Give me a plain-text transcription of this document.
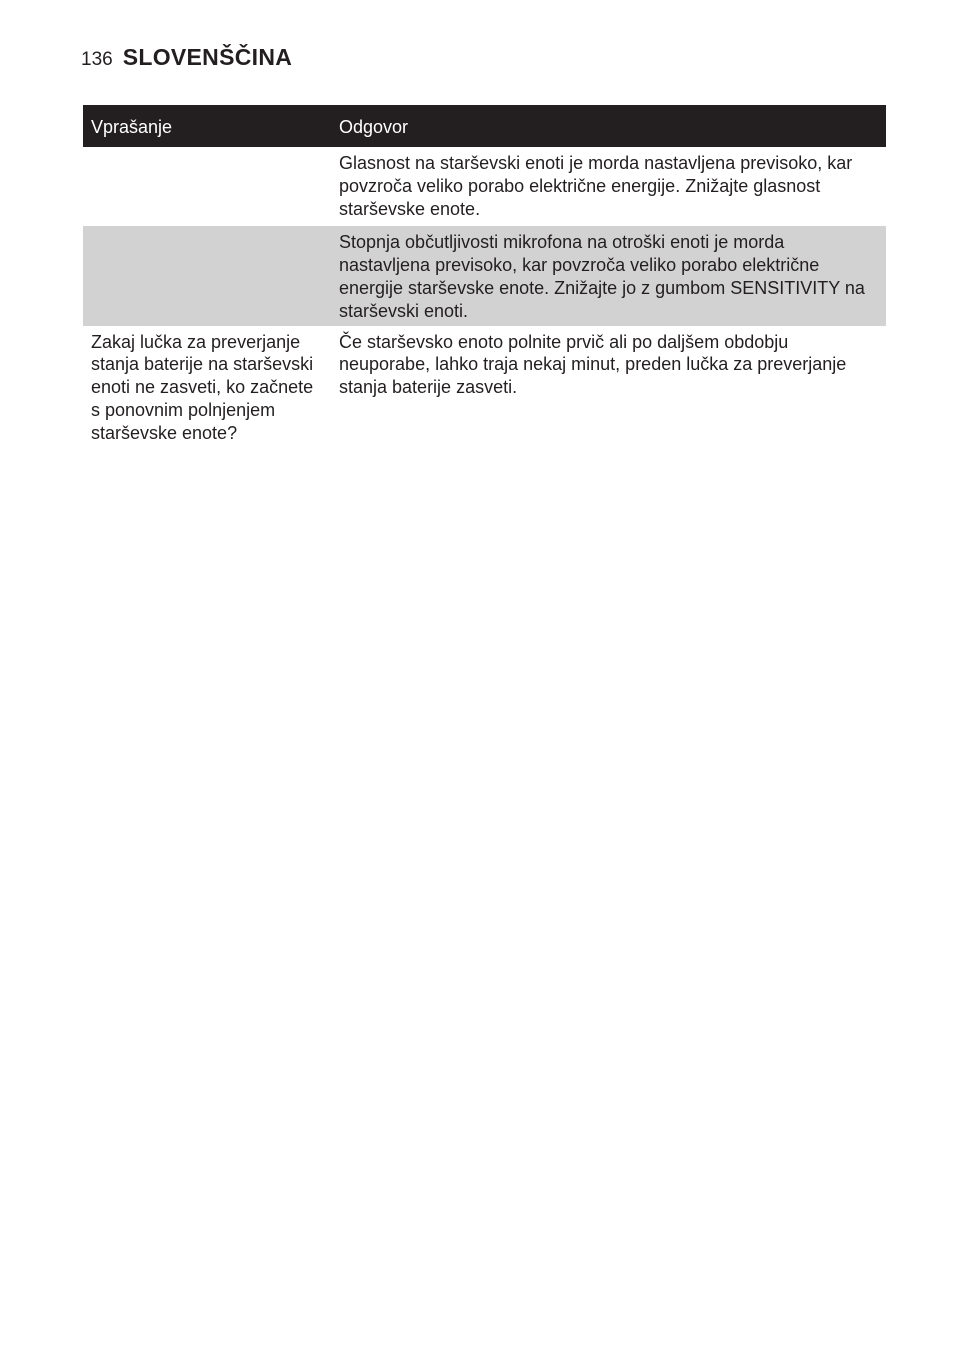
136 SLOVENŠČINA
Vprašanje	Odgovor
	Glasnost na starševski enoti je morda nastavljena previsoko, kar povzroča veliko porabo električne energije. Znižajte glasnost starševske enote.
	Stopnja občutljivosti mikrofona na otroški enoti je morda nastavljena previsoko, kar povzroča veliko porabo električne energije starševske enote. Znižajte jo z gumbom SENSITIVITY na starševski enoti.
Zakaj lučka za preverjanje stanja baterije na starševski enoti ne zasveti, ko začnete s ponovnim polnjenjem starševske enote?	Če starševsko enoto polnite prvič ali po daljšem obdobju neuporabe, lahko traja nekaj minut, preden lučka za preverjanje stanja baterije zasveti.
